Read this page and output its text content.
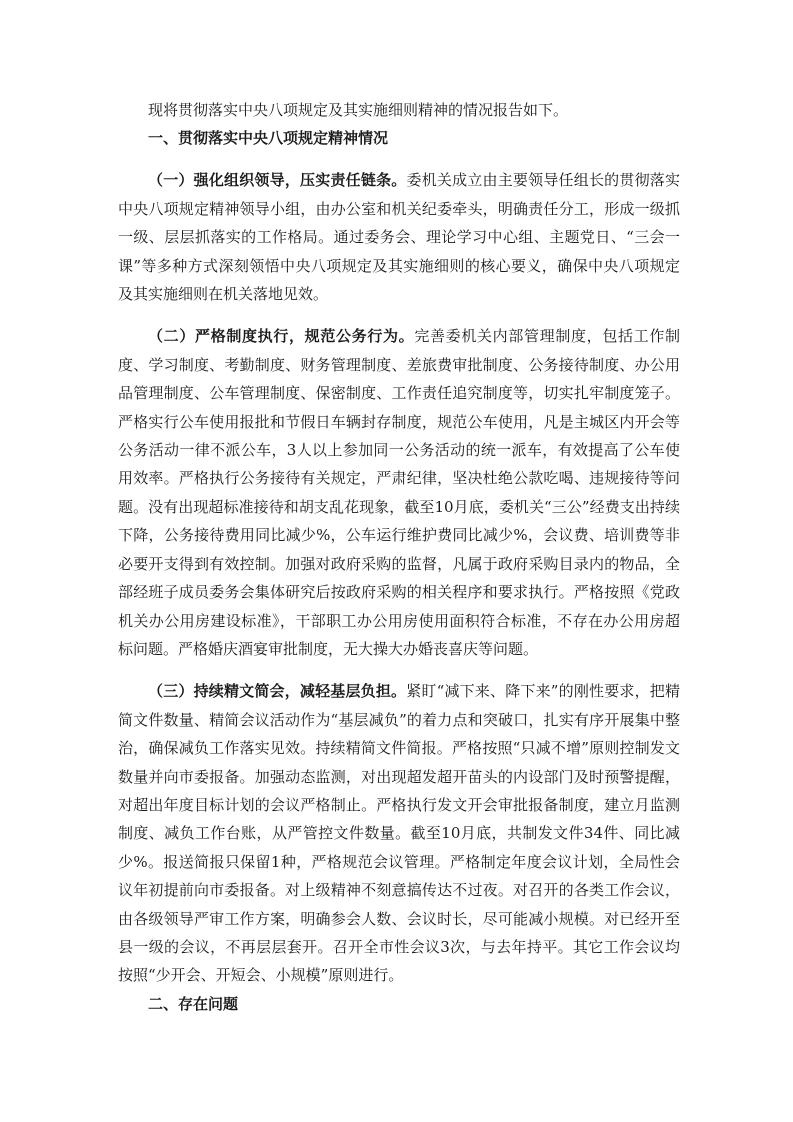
现将贯彻落实中央八项规定及其实施细则精神的情况报告如下。

一、贯彻落实中央八项规定精神情况

（一）强化组织领导，压实责任链条。委机关成立由主要领导任组长的贯彻落实中央八项规定精神领导小组，由办公室和机关纪委牵头，明确责任分工，形成一级抓一级、层层抓落实的工作格局。通过委务会、理论学习中心组、主题党日、“三会一课”等多种方式深刻领悟中央八项规定及其实施细则的核心要义，确保中央八项规定及其实施细则在机关落地见效。

（二）严格制度执行，规范公务行为。完善委机关内部管理制度，包括工作制度、学习制度、考勤制度、财务管理制度、差旅费审批制度、公务接待制度、办公用品管理制度、公车管理制度、保密制度、工作责任追究制度等，切实扎牢制度笼子。严格实行公车使用报批和节假日车辆封存制度，规范公车使用，凡是主城区内开会等公务活动一律不派公车，3人以上参加同一公务活动的统一派车，有效提高了公车使用效率。严格执行公务接待有关规定，严肃纪律，坚决杜绝公款吃喝、违规接待等问题。没有出现超标准接待和胡支乱花现象，截至10月底，委机关“三公”经费支出持续下降，公务接待费用同比减少%，公车运行维护费同比减少%，会议费、培训费等非必要开支得到有效控制。加强对政府采购的监督，凡属于政府采购目录内的物品，全部经班子成员委务会集体研究后按政府采购的相关程序和要求执行。严格按照《党政机关办公用房建设标准》，干部职工办公用房使用面积符合标准，不存在办公用房超标问题。严格婚庆酒宴审批制度，无大操大办婚丧喜庆等问题。

（三）持续精文简会，减轻基层负担。紧盯“减下来、降下来”的刚性要求，把精简文件数量、精简会议活动作为“基层减负”的着力点和突破口，扎实有序开展集中整治，确保减负工作落实见效。持续精简文件简报。严格按照“只减不增”原则控制发文数量并向市委报备。加强动态监测，对出现超发超开苗头的内设部门及时预警提醒，对超出年度目标计划的会议严格制止。严格执行发文开会审批报备制度，建立月监测制度、减负工作台账，从严管控文件数量。截至10月底，共制发文件34件、同比减少%。报送简报只保留1种，严格规范会议管理。严格制定年度会议计划，全局性会议年初提前向市委报备。对上级精神不刻意搞传达不过夜。对召开的各类工作会议，由各级领导严审工作方案，明确参会人数、会议时长，尽可能减小规模。对已经开至县一级的会议，不再层层套开。召开全市性会议3次，与去年持平。其它工作会议均按照“少开会、开短会、小规模”原则进行。

二、存在问题
